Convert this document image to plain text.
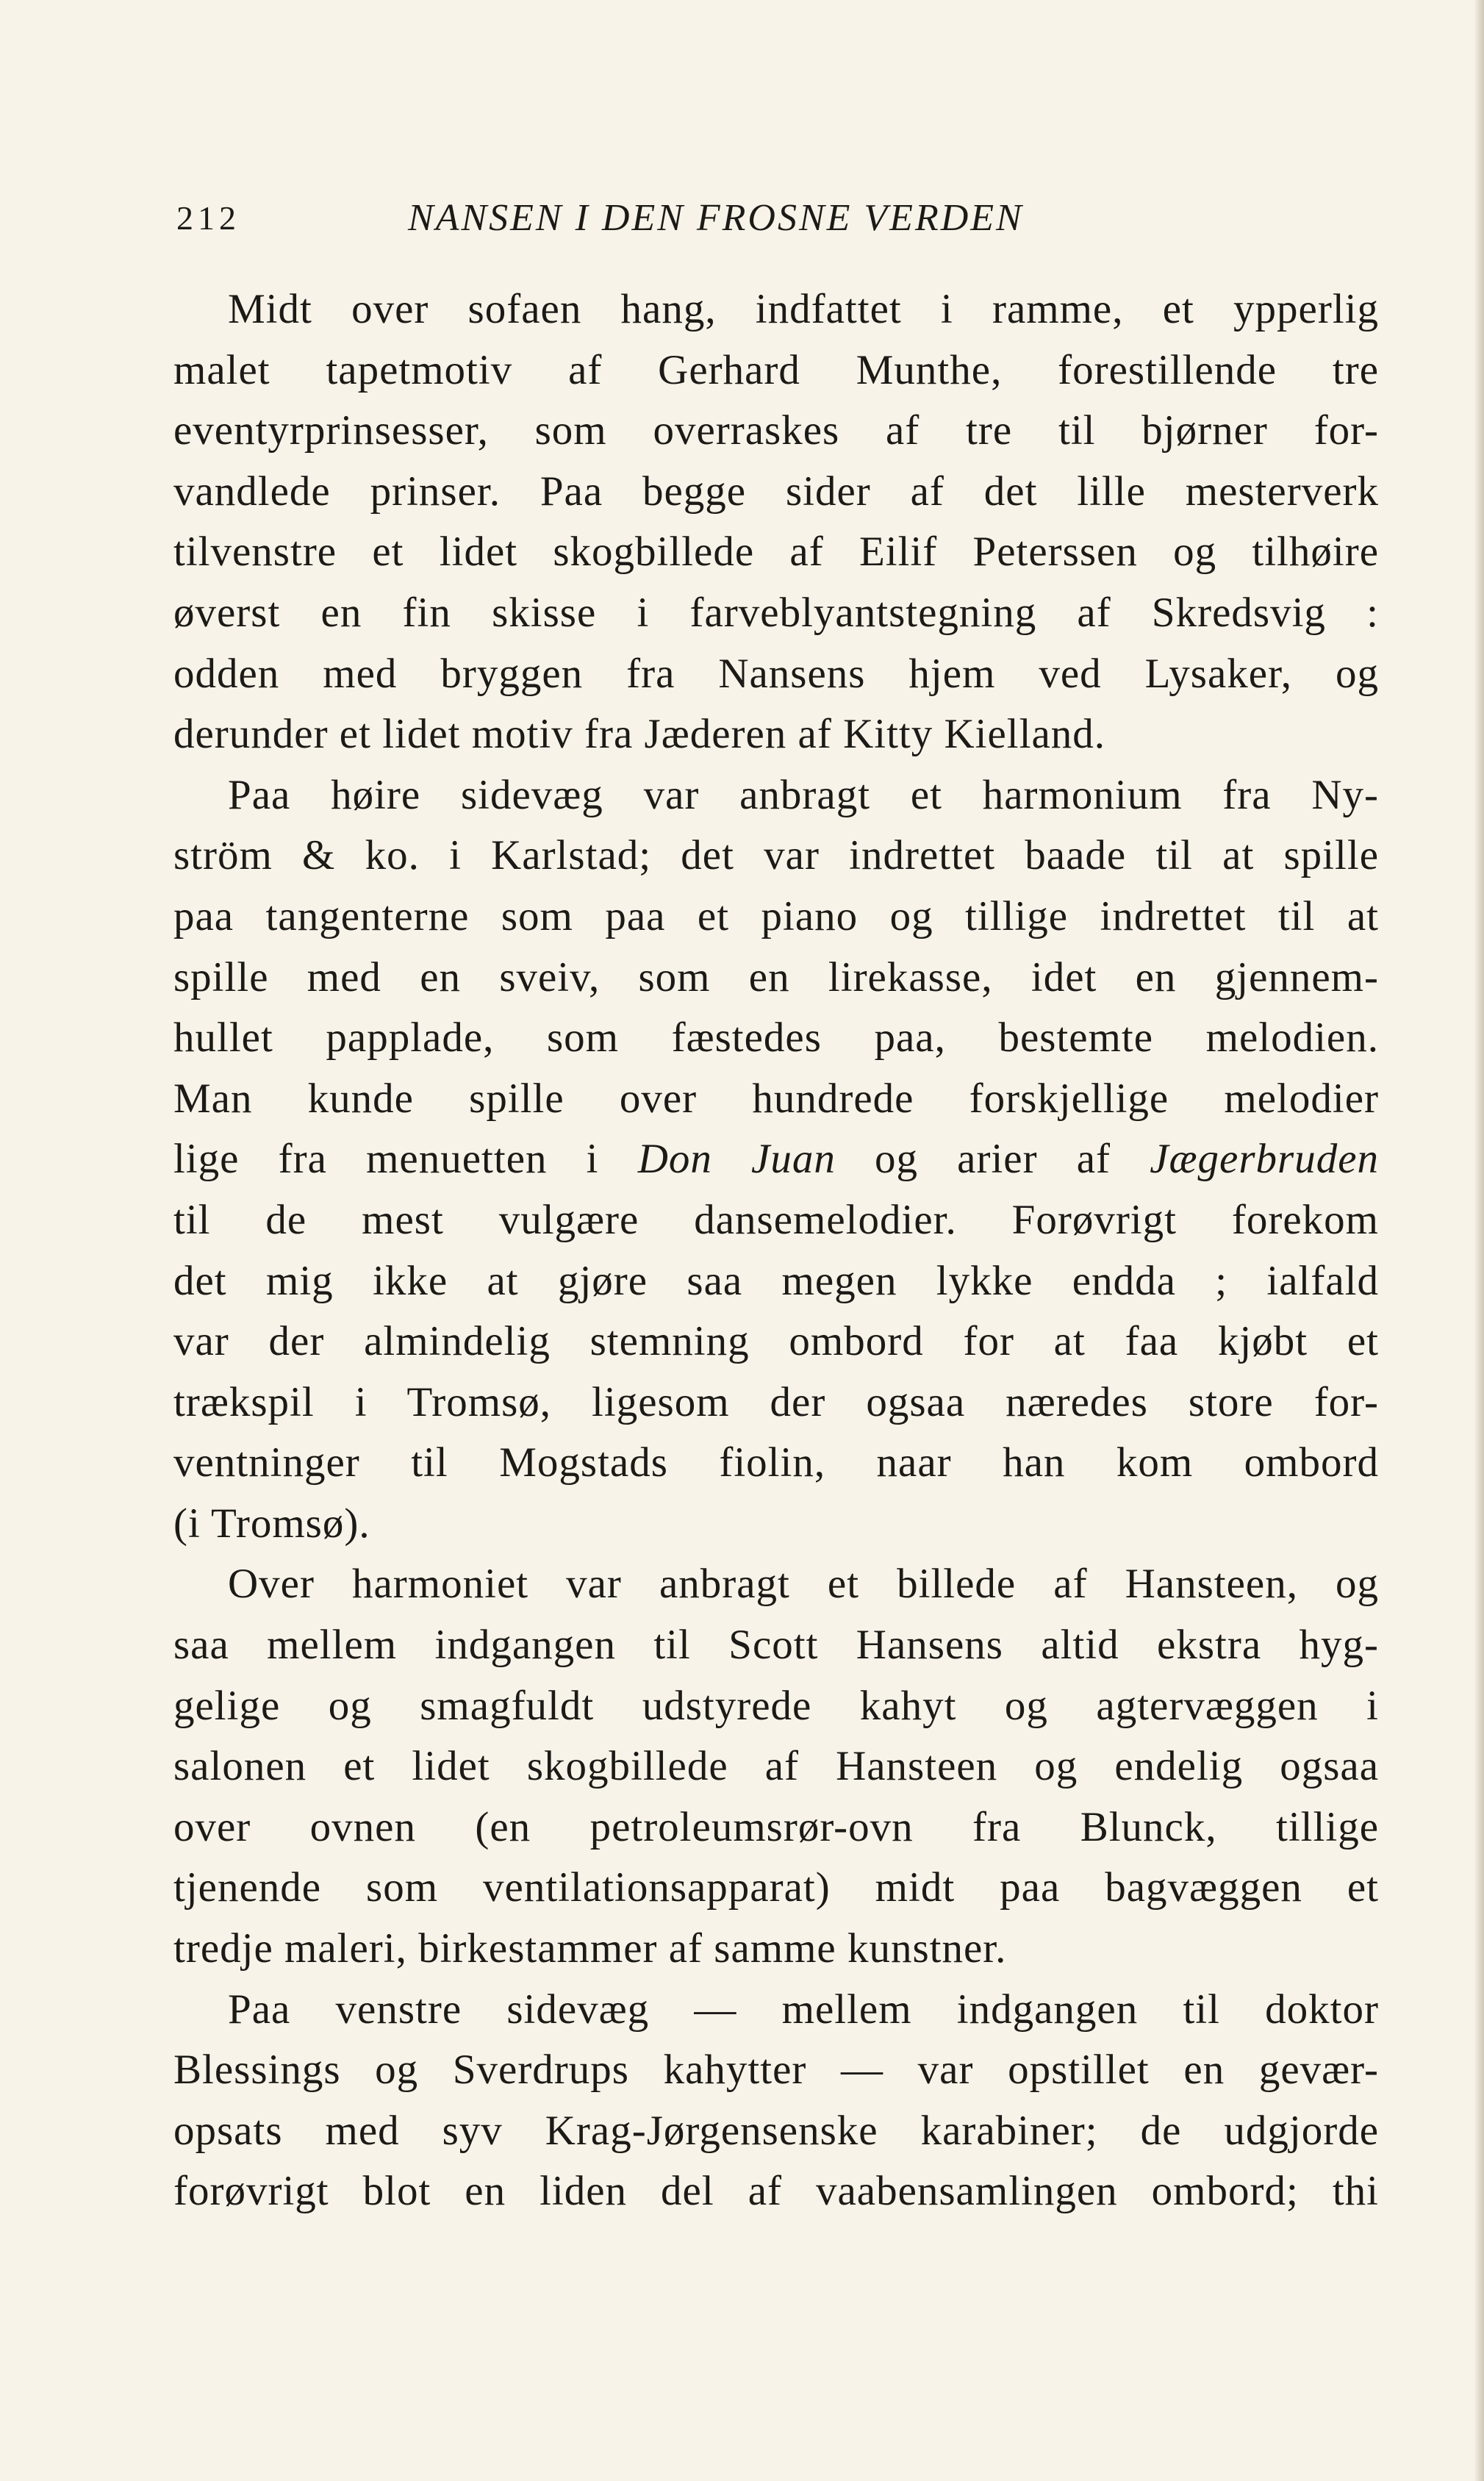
212	NANSEN I DEN FROSNE VERDEN
Midt over sofaen hang, indfattet i ramme, et ypperlig
malet tapetmotiv af Gerhard Munthe, forestillende tre
eventyrprinsesser, som overraskes af tre til bjørner for-
vandlede prinser. Paa begge sider af det lille mesterverk
tilvenstre et lidet skogbillede af Eilif Peterssen og tilhøire
øverst en fin skisse i farveblyantstegning af Skredsvig :
odden med bryggen fra Nansens hjem ved Lysaker, og
derunder et lidet motiv fra Jæderen af Kitty Kielland.
Paa høire sidevæg var anbragt et harmonium fra Ny-
ström & ko. i Karlstad; det var indrettet baade til at spille
paa tangenterne som paa et piano og tillige indrettet til at
spille med en sveiv, som en lirekasse, idet en gjennem-
hullet papplade, som fæstedes paa, bestemte melodien.
Man kunde spille over hundrede forskjellige melodier
lige fra menuetten i Don Juan og arier af Jægerbruden
til de mest vulgære dansemelodier. Forøvrigt forekom
det mig ikke at gjøre saa megen lykke endda ; ialfald
var der almindelig stemning ombord for at faa kjøbt et
trækspil i Tromsø, ligesom der ogsaa næredes store for-
ventninger til Mogstads fiolin, naar han kom ombord
(i Tromsø).
Over harmoniet var anbragt et billede af Hansteen, og
saa mellem indgangen til Scott Hansens altid ekstra hyg-
gelige og smagfuldt udstyrede kahyt og agtervæggen i
salonen et lidet skogbillede af Hansteen og endelig ogsaa
over ovnen (en petroleumsrør-ovn fra Blunck, tillige
tjenende som ventilationsapparat) midt paa bagvæggen et
tredje maleri, birkestammer af samme kunstner.
Paa venstre sidevæg — mellem indgangen til doktor
Blessings og Sverdrups kahytter — var opstillet en gevær-
opsats med syv Krag-Jørgensenske karabiner; de udgjorde
forøvrigt blot en liden del af vaabensamlingen ombord; thi
